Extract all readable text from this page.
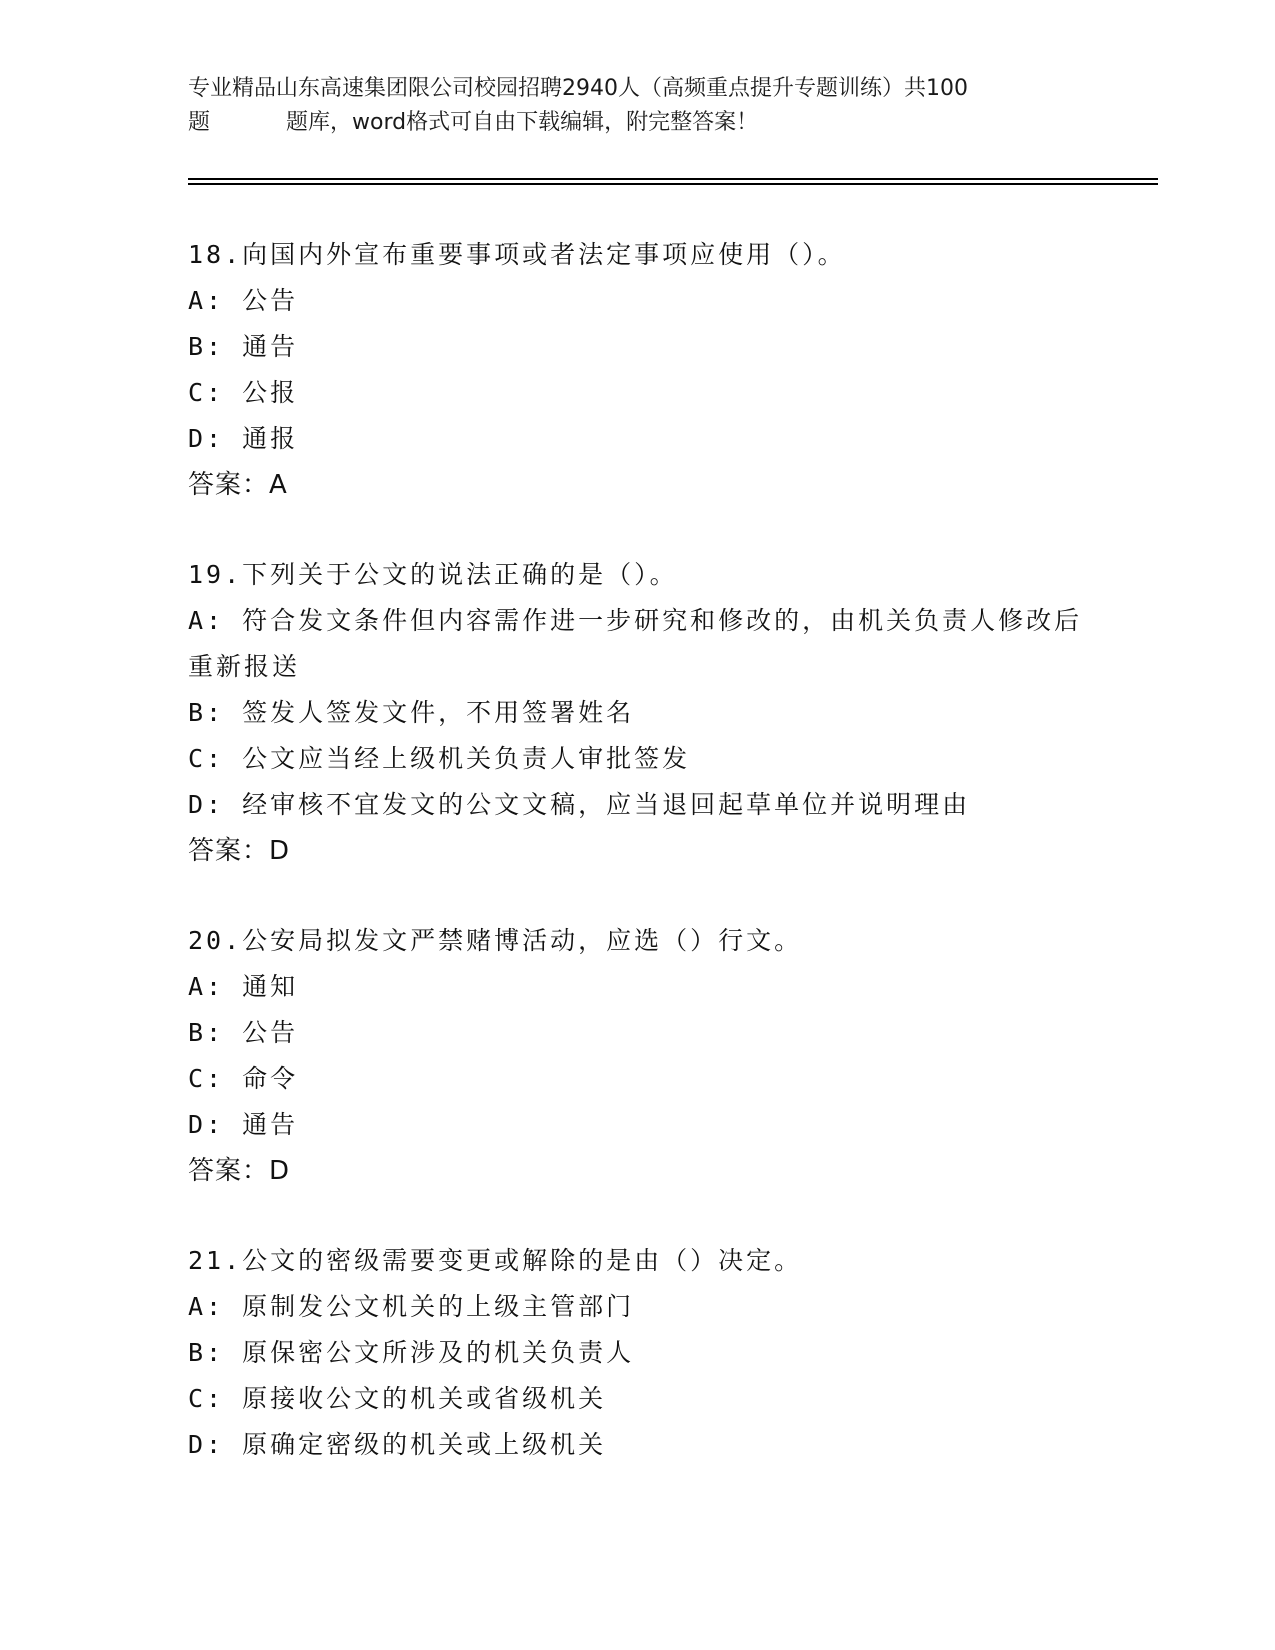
专业精品山东高速集团限公司校园招聘2940人（高频重点提升专题训练）共100
题	题库，word格式可自由下载编辑，附完整答案！
18.向国内外宣布重要事项或者法定事项应使用（）。
A: 公告
B: 通告
C: 公报
D: 通报
答案：A
19.下列关于公文的说法正确的是（）。
A: 符合发文条件但内容需作进一步研究和修改的，由机关负责人修改后重新报送
B: 签发人签发文件，不用签署姓名
C: 公文应当经上级机关负责人审批签发
D: 经审核不宜发文的公文文稿，应当退回起草单位并说明理由
答案：D
20.公安局拟发文严禁赌博活动，应选（）行文。
A: 通知
B: 公告
C: 命令
D: 通告
答案：D
21.公文的密级需要变更或解除的是由（）决定。
A: 原制发公文机关的上级主管部门
B: 原保密公文所涉及的机关负责人
C: 原接收公文的机关或省级机关
D: 原确定密级的机关或上级机关
